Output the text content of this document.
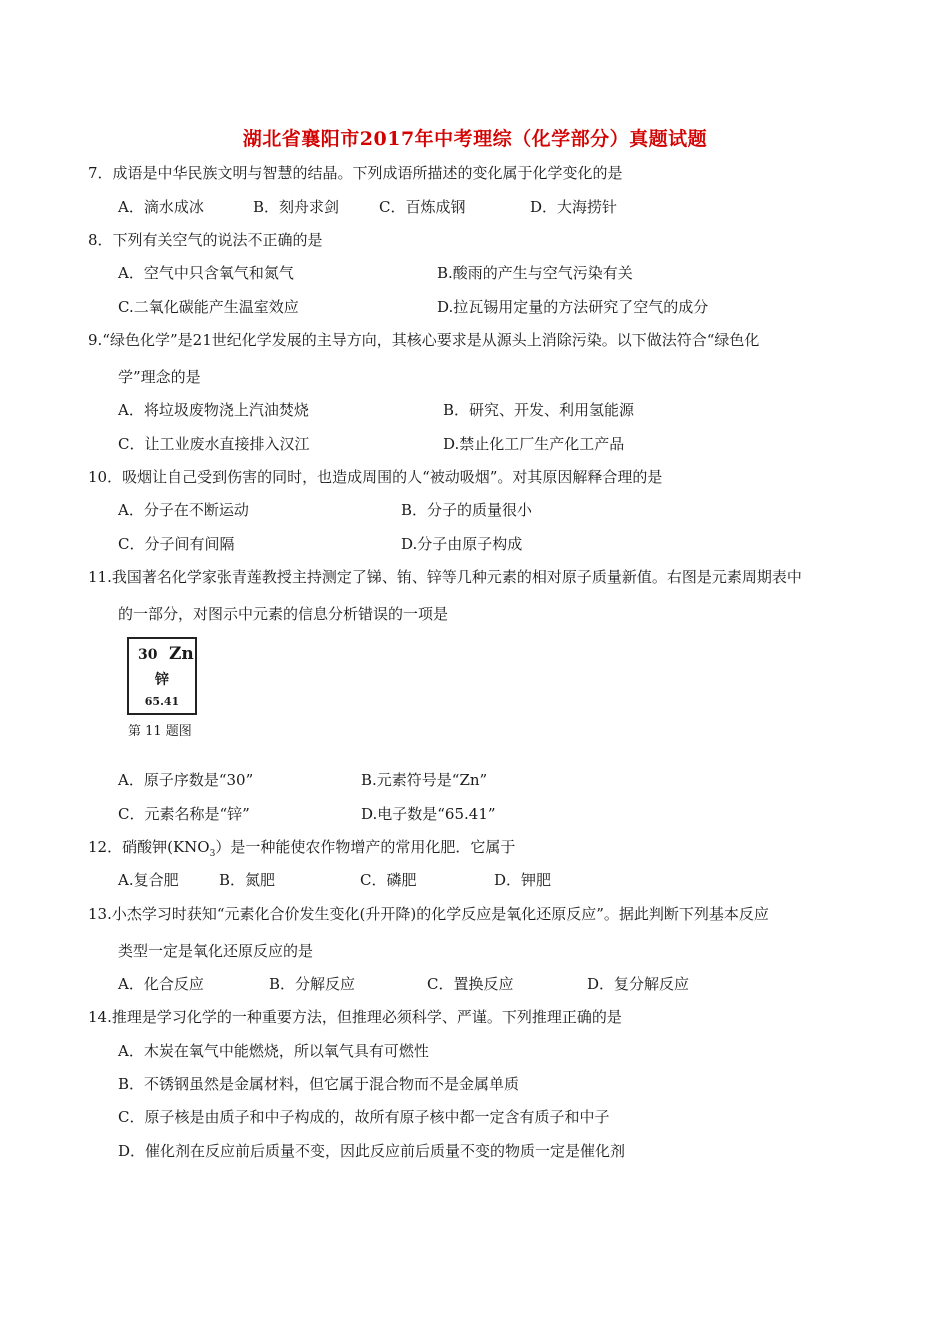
湖北省襄阳市2017年中考理综（化学部分）真题试题
7．成语是中华民族文明与智慧的结晶。下列成语所描述的变化属于化学变化的是
A．滴水成冰	B．刻舟求剑	C．百炼成钢	D．大海捞针
8．下列有关空气的说法不正确的是
A．空气中只含氧气和氮气	B.酸雨的产生与空气污染有关
C.二氧化碳能产生温室效应	D.拉瓦锡用定量的方法研究了空气的成分
9.“绿色化学”是21世纪化学发展的主导方向，其核心要求是从源头上消除污染。以下做法符合“绿色化
学”理念的是
A．将垃圾废物浇上汽油焚烧	B．研究、开发、利用氢能源
C．让工业废水直接排入汉江	D.禁止化工厂生产化工产品
10．吸烟让自己受到伤害的同时，也造成周围的人“被动吸烟”。对其原因解释合理的是
A．分子在不断运动	B．分子的质量很小
C．分子间有间隔	D.分子由原子构成
11.我国著名化学家张青莲教授主持测定了锑、铕、锌等几种元素的相对原子质量新值。右图是元素周期表中
的一部分，对图示中元素的信息分析错误的一项是
30 Zn
锌
65.41
第 11 题图
A．原子序数是“30”	B.元素符号是“Zn”
C．元素名称是“锌”	D.电子数是“65.41”
12．硝酸钾$(KNO_3)$是一种能使农作物增产的常用化肥．它属于
A.复合肥	B．氮肥	C．磷肥	D．钾肥
13.小杰学习时获知“元素化合价发生变化(升开降)的化学反应是氧化还原反应”。据此判断下列基本反应
类型一定是氧化还原反应的是
A．化合反应	B．分解反应	C．置换反应	D．复分解反应
14.推理是学习化学的一种重要方法，但推理必须科学、严谨。下列推理正确的是
A．木炭在氧气中能燃烧，所以氧气具有可燃性
B．不锈钢虽然是金属材料，但它属于混合物而不是金属单质
C．原子核是由质子和中子构成的，故所有原子核中都一定含有质子和中子
D．催化剂在反应前后质量不变，因此反应前后质量不变的物质一定是催化剂
